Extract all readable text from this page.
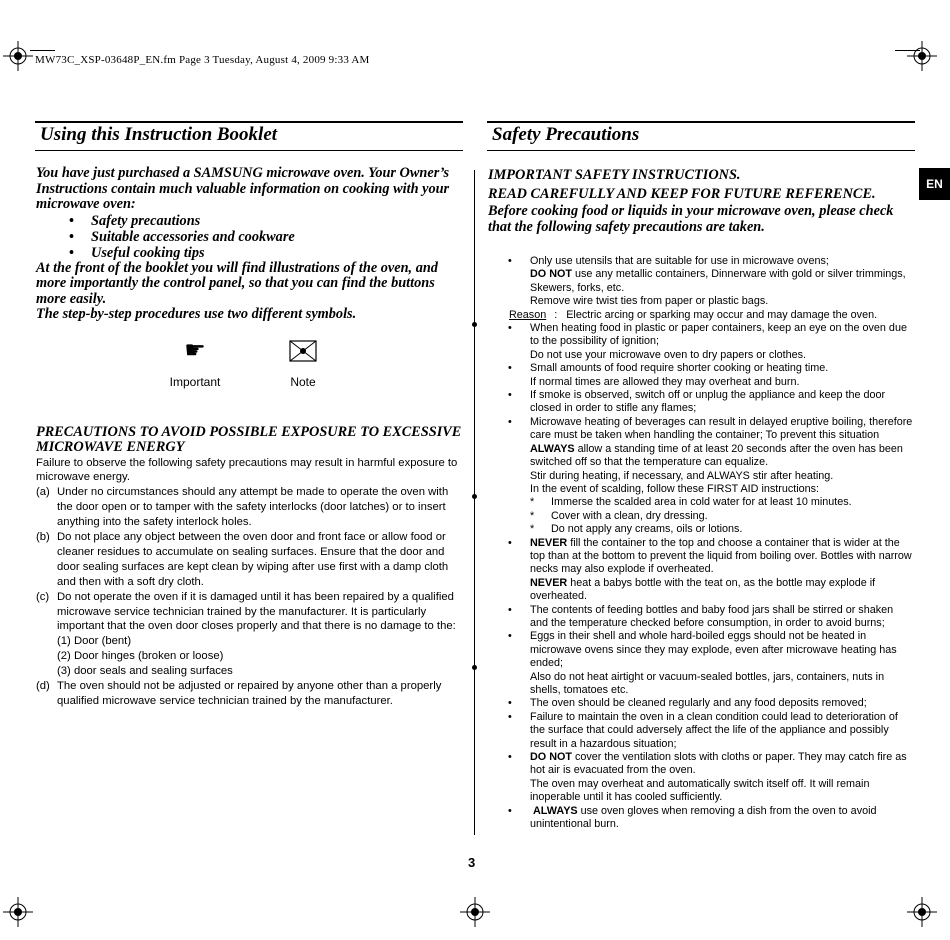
MW73C_XSP-03648P_EN.fm Page 3 Tuesday, August 4, 2009 9:33 AM
Using this Instruction Booklet	Safety Precautions
EN

You have just purchased a SAMSUNG microwave oven. Your Owner’s Instructions contain much valuable information on cooking with your microwave oven:

• Safety precautions
• Suitable accessories and cookware
• Useful cooking tips

At the front of the booklet you will find illustrations of the oven, and more importantly the control panel, so that you can find the buttons more easily.

The step-by-step procedures use two different symbols.

☛
Important	Note
PRECAUTIONS TO AVOID POSSIBLE EXPOSURE TO EXCESSIVE MICROWAVE ENERGY
Failure to observe the following safety precautions may result in harmful exposure to microwave energy.
(a) Under no circumstances should any attempt be made to operate the oven with the door open or to tamper with the safety interlocks (door latches) or to insert anything into the safety interlock holes.
(b) Do not place any object between the oven door and front face or allow food or cleaner residues to accumulate on sealing surfaces. Ensure that the door and door sealing surfaces are kept clean by wiping after use first with a damp cloth and then with a soft dry cloth.
(c) Do not operate the oven if it is damaged until it has been repaired by a qualified microwave service technician trained by the manufacturer. It is particularly important that the oven door closes properly and that there is no damage to the:
(1) Door (bent)
(2) Door hinges (broken or loose)
(3) door seals and sealing surfaces
(d) The oven should not be adjusted or repaired by anyone other than a properly qualified microwave service technician trained by the manufacturer.

IMPORTANT SAFETY INSTRUCTIONS.

READ CAREFULLY AND KEEP FOR FUTURE REFERENCE.

Before cooking food or liquids in your microwave oven, please check that the following safety precautions are taken.

• Only use utensils that are suitable for use in microwave ovens;
DO NOT use any metallic containers, Dinnerware with gold or silver trimmings, Skewers, forks, etc.
Remove wire twist ties from paper or plastic bags.
Reason :   Electric arcing or sparking may occur and may damage the oven.
• When heating food in plastic or paper containers, keep an eye on the oven due to the possibility of ignition;
Do not use your microwave oven to dry papers or clothes.
• Small amounts of food require shorter cooking or heating time.
If normal times are allowed they may overheat and burn.
• If smoke is observed, switch off or unplug the appliance and keep the door closed in order to stifle any flames;
• Microwave heating of beverages can result in delayed eruptive boiling, therefore care must be taken when handling the container; To prevent this situation ALWAYS allow a standing time of at least 20 seconds after the oven has been switched off so that the temperature can equalize.
Stir during heating, if necessary, and ALWAYS stir after heating.
In the event of scalding, follow these FIRST AID instructions:
* Immerse the scalded area in cold water for at least 10 minutes.
* Cover with a clean, dry dressing.
* Do not apply any creams, oils or lotions.
• NEVER fill the container to the top and choose a container that is wider at the top than at the bottom to prevent the liquid from boiling over. Bottles with narrow necks may also explode if overheated.
NEVER heat a babys bottle with the teat on, as the bottle may explode if overheated.
• The contents of feeding bottles and baby food jars shall be stirred or shaken and the temperature checked before consumption, in order to avoid burns;
• Eggs in their shell and whole hard-boiled eggs should not be heated in microwave ovens since they may explode, even after microwave heating has ended;
Also do not heat airtight or vacuum-sealed bottles, jars, containers, nuts in shells, tomatoes etc.
• The oven should be cleaned regularly and any food deposits removed;
• Failure to maintain the oven in a clean condition could lead to deterioration of the surface that could adversely affect the life of the appliance and possibly result in a hazardous situation;
• DO NOT cover the ventilation slots with cloths or paper. They may catch fire as hot air is evacuated from the oven.
The oven may overheat and automatically switch itself off. It will remain inoperable until it has cooled sufficiently.
• ALWAYS use oven gloves when removing a dish from the oven to avoid unintentional burn.
3
